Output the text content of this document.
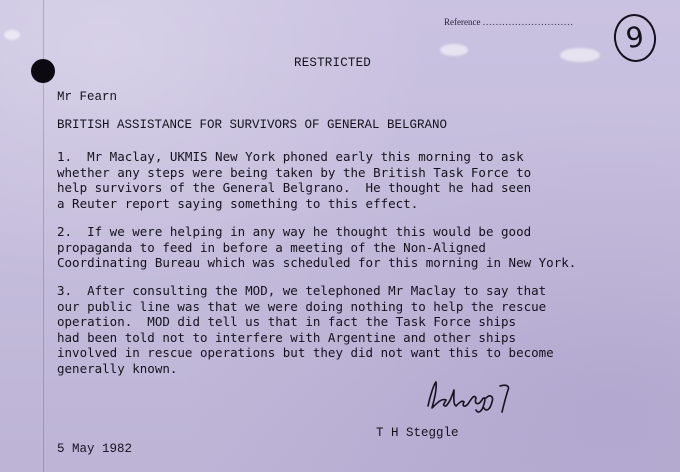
Reference ............................	9
RESTRICTED
Mr Fearn
BRITISH ASSISTANCE FOR SURVIVORS OF GENERAL BELGRANO
1.  Mr Maclay, UKMIS New York phoned early this morning to ask
whether any steps were being taken by the British Task Force to
help survivors of the General Belgrano.  He thought he had seen
a Reuter report saying something to this effect.
2.  If we were helping in any way he thought this would be good
propaganda to feed in before a meeting of the Non-Aligned
Coordinating Bureau which was scheduled for this morning in New York.
3.  After consulting the MOD, we telephoned Mr Maclay to say that
our public line was that we were doing nothing to help the rescue
operation.  MOD did tell us that in fact the Task Force ships
had been told not to interfere with Argentine and other ships
involved in rescue operations but they did not want this to become
generally known.
T H Steggle
5 May 1982
